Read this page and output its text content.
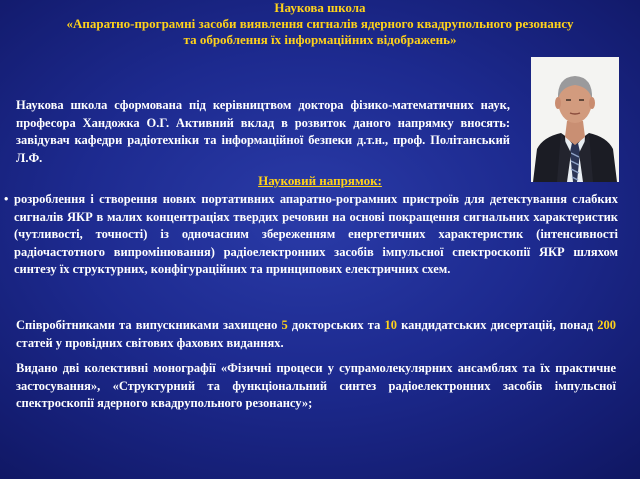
Наукова школа
«Апаратно-програмні засоби виявлення сигналів ядерного квадрупольного резонансу
та оброблення їх інформаційних відображень»
Наукова школа сформована під керівництвом доктора фізико-математичних наук, професора Хандожка О.Г. Активний вклад в розвиток даного напрямку вносять: завідувач кафедри радіотехніки та інформаційної безпеки д.т.н., проф. Політанський Л.Ф.
Науковий напрямок:
• розроблення і створення нових портативних апаратно-рограмних пристроїв для детектування слабких сигналів ЯКР в малих концентраціях твердих речовин на основі покращення сигнальних характеристик (чутливості, точності) із одночасним збереженням енергетичних характеристик (інтенсивності радіочастотного випромінювання) радіоелектронних засобів імпульсної спектроскопії ЯКР шляхом синтезу їх структурних, конфігураційних та принципових електричних схем.
Співробітниками та випускниками захищено 5 докторських та 10 кандидатських дисертацій, понад 200 статей у провідних світових фахових виданнях.
Видано дві колективні монографії «Фізичні процеси у супрамолекулярних ансамблях та їх практичне застосування», «Структурний та функціональний синтез радіоелектронних засобів імпульсної спектроскопії ядерного квадрупольного резонансу»;
